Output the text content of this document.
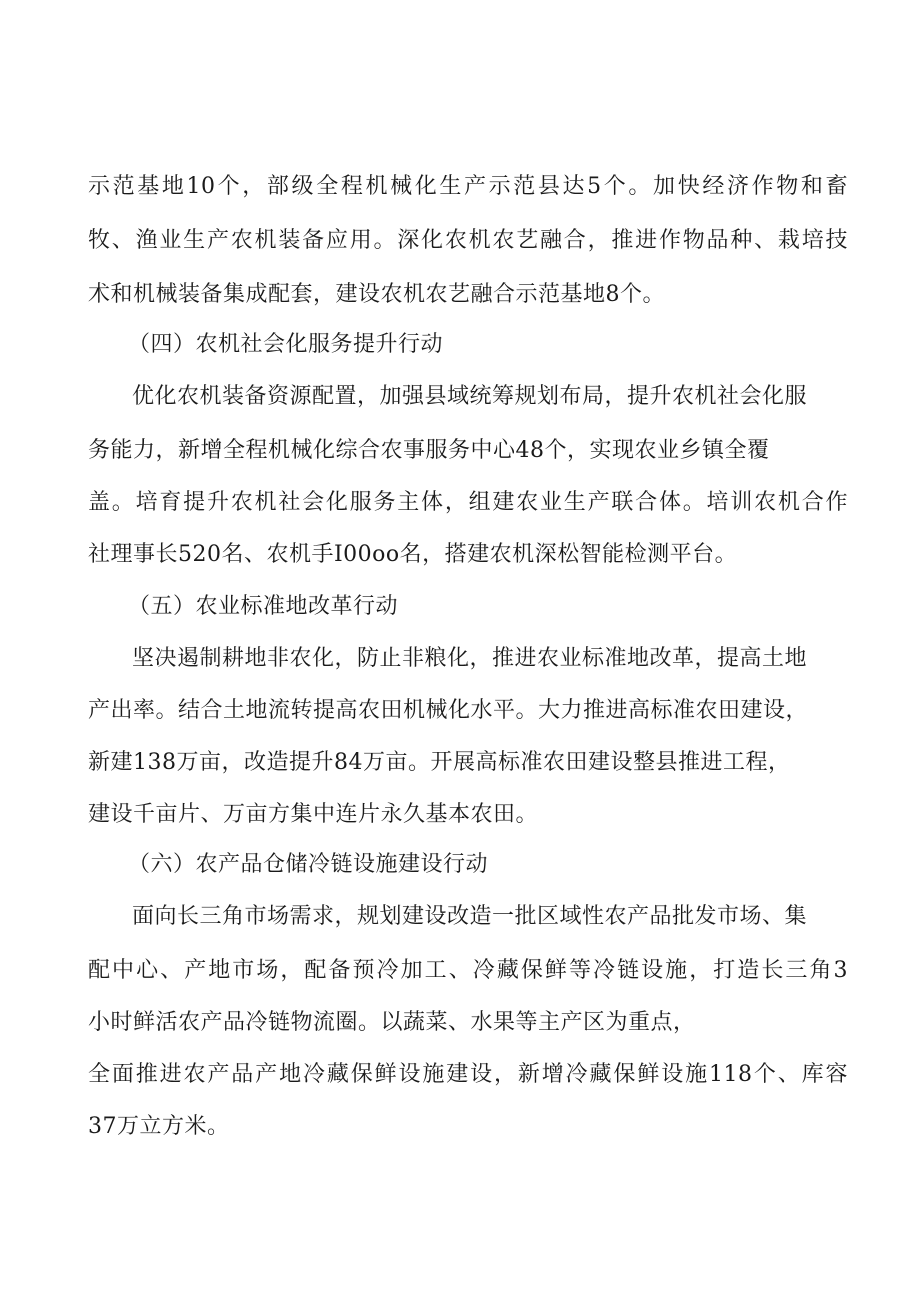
示范基地10个，部级全程机械化生产示范县达5个。加快经济作物和畜
牧、渔业生产农机装备应用。深化农机农艺融合，推进作物品种、栽培技
术和机械装备集成配套，建设农机农艺融合示范基地8个。
（四）农机社会化服务提升行动
优化农机装备资源配置，加强县域统筹规划布局，提升农机社会化服
务能力，新增全程机械化综合农事服务中心48个，实现农业乡镇全覆
盖。培育提升农机社会化服务主体，组建农业生产联合体。培训农机合作
社理事长520名、农机手I00oo名，搭建农机深松智能检测平台。
（五）农业标准地改革行动
坚决遏制耕地非农化，防止非粮化，推进农业标准地改革，提高土地
产出率。结合土地流转提高农田机械化水平。大力推进高标准农田建设，
新建138万亩，改造提升84万亩。开展高标准农田建设整县推进工程，
建设千亩片、万亩方集中连片永久基本农田。
（六）农产品仓储冷链设施建设行动
面向长三角市场需求，规划建设改造一批区域性农产品批发市场、集
配中心、产地市场，配备预冷加工、冷藏保鲜等冷链设施，打造长三角3
小时鲜活农产品冷链物流圈。以蔬菜、水果等主产区为重点，
全面推进农产品产地冷藏保鲜设施建设，新增冷藏保鲜设施118个、库容
37万立方米。
